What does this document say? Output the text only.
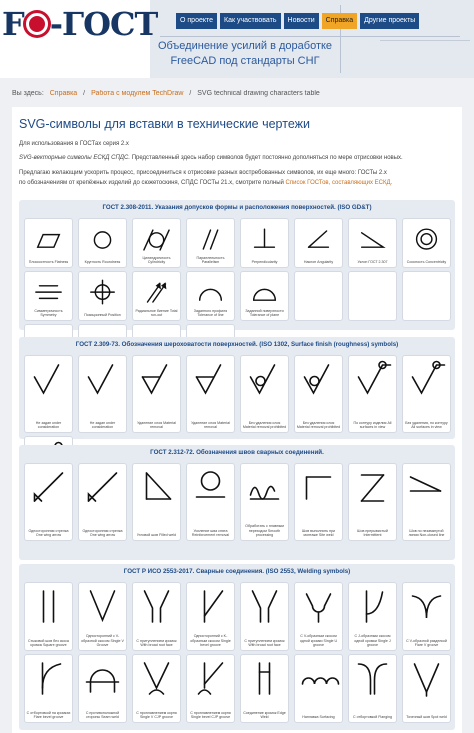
F -ГОСТ	О проекте	Как участвовать	Новости	Справка	Другие проекты
Объединение усилий в доработке
FreeCAD под стандарты СНГ
Вы здесь: Справка / Работа с модулем TechDraw / SVG technical drawing characters table
SVG-символы для вставки в технические чертежи
Для использования в ГОСТах серия 2.х
SVG-векторные символы ЕСКД СПДС. Представленный здесь набор символов будет постоянно дополняться по мере отрисовки новых.
Предлагаю желающим ускорить процесс, присоединиться к отрисовке разных востребованных символов, их еще много: ГОСТы 2.х
по обозначениям от крепёжных изделий до сюжетоскиня, СПДС ГОСТы 21.х, смотрите полный Список ГОСТов, составляющих ЕСКД.
ГОСТ 2.308-2011. Указания допусков формы и расположения поверхностей. (ISO GD&T)
Плоскостность Flatness	Круглость Roundness
Цилиндричность Cylindricity
Параллельность Parallelism	Perpendicularity	Наклон Angularity	Уклон ГОСТ 2.307	Соосность Concentricity
Симметричность Symmetry	Позиционный Position
Радиальное биение Total run-out
Заданного профиля Tolerance of line
Заданной поверхности Tolerance of plane
ГОСТ 2.309-73. Обозначения шероховатости поверхностей. (ISO 1302, Surface finish (roughness) symbols)
Не задан under consideration
Не задан under consideration
Удаление слоя Material removal
Удаление слоя Material removal
Без удаления слоя Material removal prohibited
Без удаления слоя Material removal prohibited
По контуру изделия All surfaces in view
Без удаления, по контуру All surfaces in view
ГОСТ 2.312-72. Обозначения швов сварных соединений.
Односторонняя стрелка One wing arrow
Односторонняя стрелка One wing arrow	Угловой шов Filled weld
Усиление шва снята Reinforcement removal
Обработать с плавным переходом Smooth processing
Шов выполнить при монтаже Site weld
Шов прерывистый Intermittent
Шов по незамкнутой линии Non-closed line
ГОСТ Р ИСО 2553-2017. Сварные соединения. (ISO 2553, Welding symbols)
Стыковой шов без скоса кромок Square groove
Односторонний с V-образной скосом Single V Groove
С притуплением кромок With broad root face
Односторонний с K-образным скосом Single bevel groove
С притуплением кромок With broad root face
С V-образным скосом одной кромки Single U groove
С J-образным скосом одной кромки Single J groove
С V-образной разделкой Flare V groove
С отбортовкой на кромках Flare bevel groove
С противоположной стороны Seam weld
С проплавлением корня Single V CJP groove
С проплавлением корня Single bevel CJP groove
Соединение кромок Edge Weld	Наплавка Surfacing	С отбортовкой Flanging	Точечный шов Spot weld
